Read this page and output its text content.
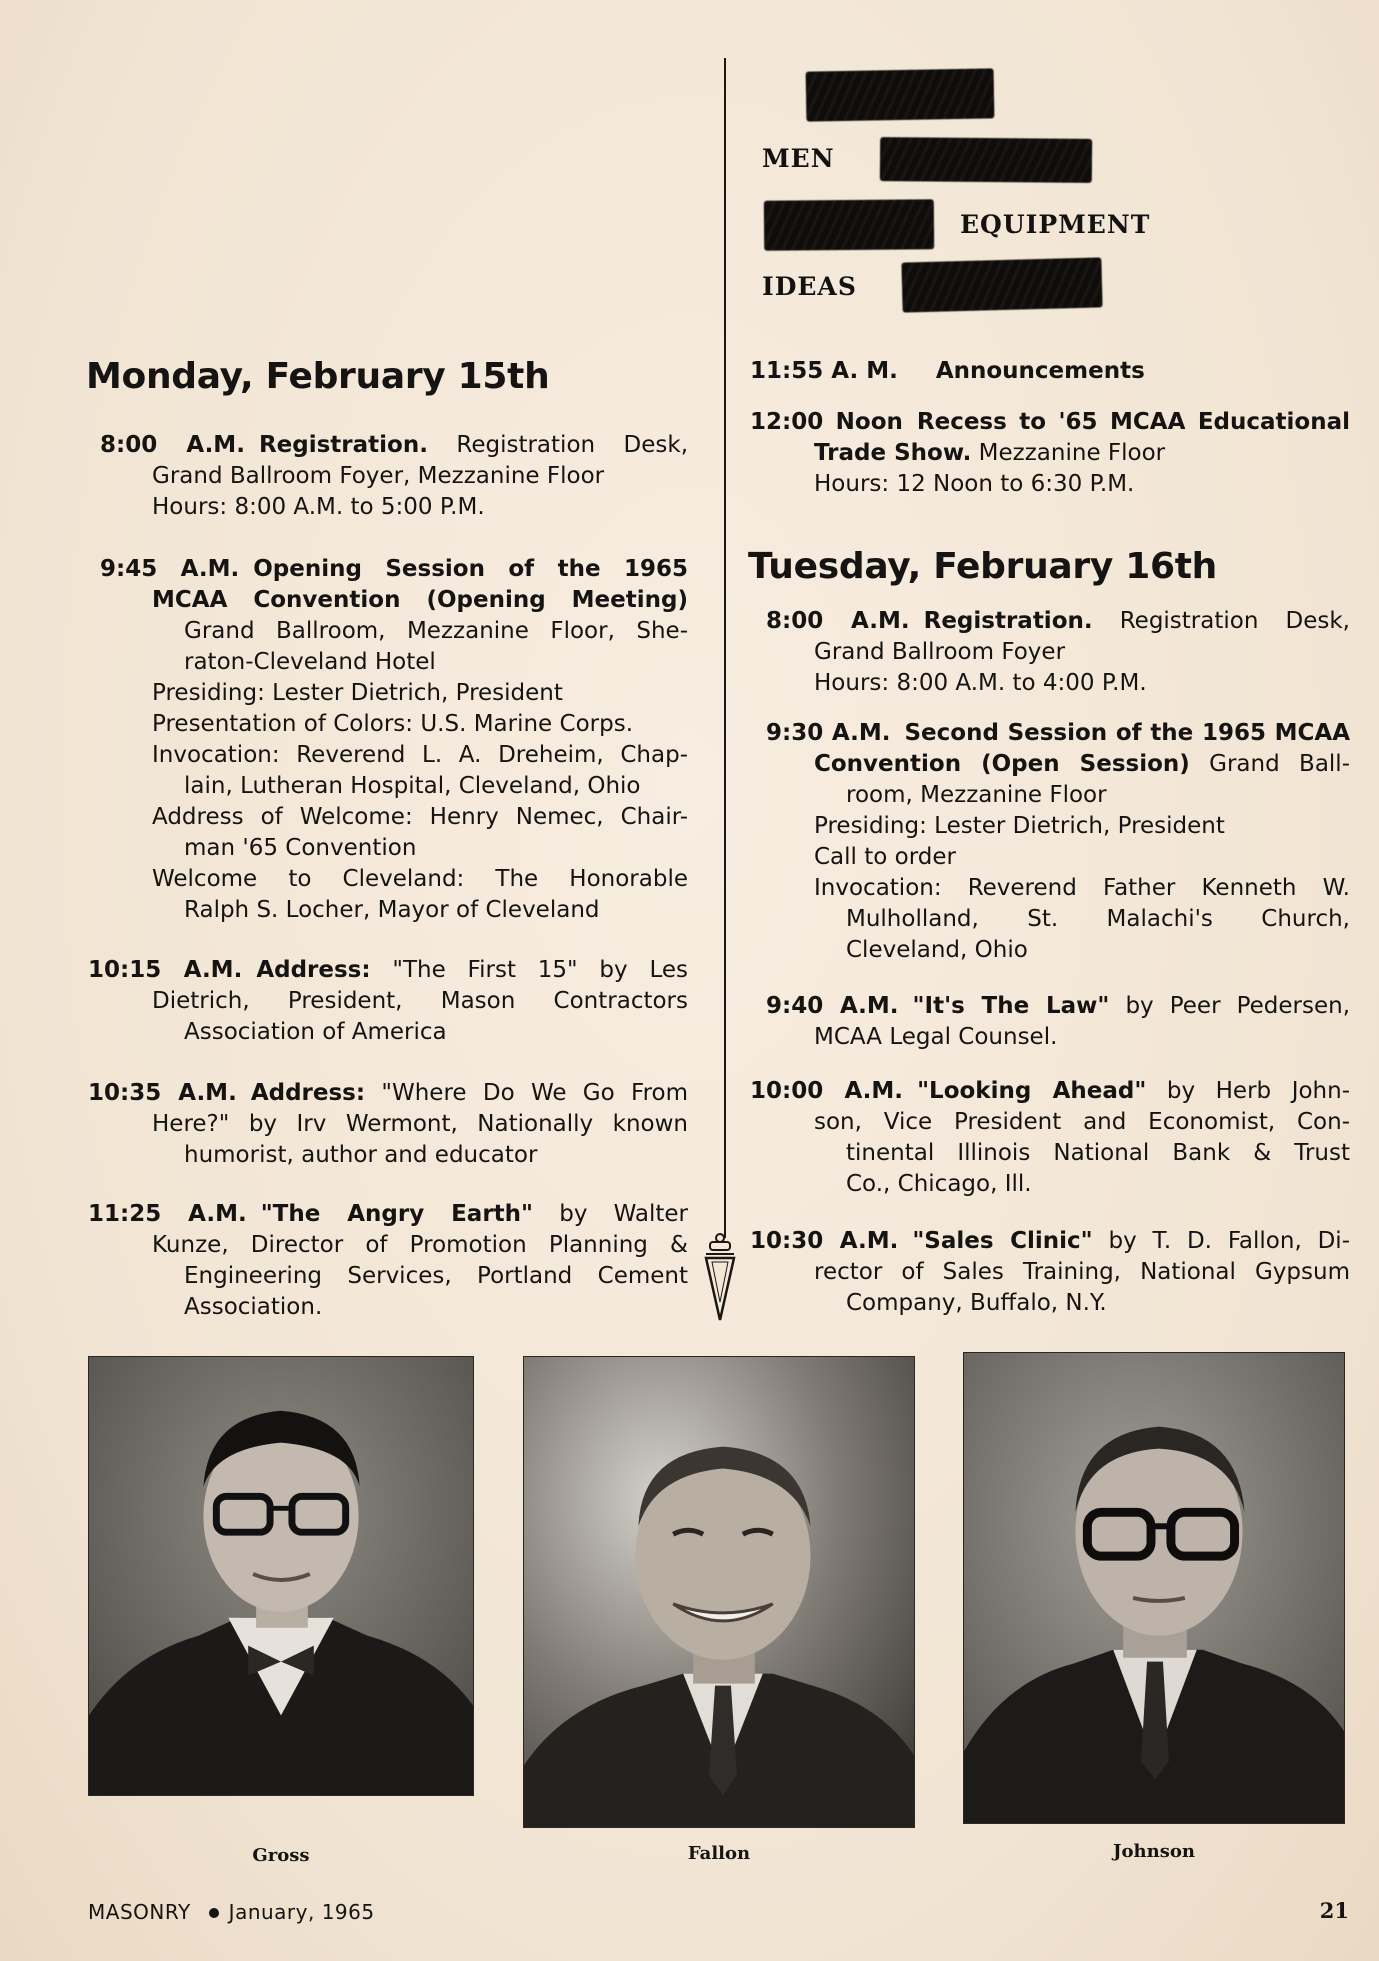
MEN
EQUIPMENT
IDEAS
Monday, February 15th
8:00 A.M. Registration. Registration Desk,
Grand Ballroom Foyer, Mezzanine Floor
Hours: 8:00 A.M. to 5:00 P.M.
9:45 A.M. Opening Session of the 1965
MCAA Convention (Opening Meeting)
Grand Ballroom, Mezzanine Floor, She-
raton-Cleveland Hotel
Presiding: Lester Dietrich, President
Presentation of Colors: U.S. Marine Corps.
Invocation: Reverend L. A. Dreheim, Chap-
lain, Lutheran Hospital, Cleveland, Ohio
Address of Welcome: Henry Nemec, Chair-
man '65 Convention
Welcome to Cleveland: The Honorable
Ralph S. Locher, Mayor of Cleveland
10:15 A.M. Address: "The First 15" by Les
Dietrich, President, Mason Contractors
Association of America
10:35 A.M. Address: "Where Do We Go From
Here?" by Irv Wermont, Nationally known
humorist, author and educator
11:25 A.M. "The Angry Earth" by Walter
Kunze, Director of Promotion Planning &
Engineering Services, Portland Cement
Association.
11:55 A. M. Announcements
12:00 Noon Recess to '65 MCAA Educational
Trade Show. Mezzanine Floor
Hours: 12 Noon to 6:30 P.M.
Tuesday, February 16th
8:00 A.M. Registration. Registration Desk,
Grand Ballroom Foyer
Hours: 8:00 A.M. to 4:00 P.M.
9:30 A.M. Second Session of the 1965 MCAA
Convention (Open Session) Grand Ball-
room, Mezzanine Floor
Presiding: Lester Dietrich, President
Call to order
Invocation: Reverend Father Kenneth W.
Mulholland, St. Malachi's Church,
Cleveland, Ohio
9:40 A.M. "It's The Law" by Peer Pedersen,
MCAA Legal Counsel.
10:00 A.M. "Looking Ahead" by Herb John-
son, Vice President and Economist, Con-
tinental Illinois National Bank & Trust
Co., Chicago, Ill.
10:30 A.M. "Sales Clinic" by T. D. Fallon, Di-
rector of Sales Training, National Gypsum
Company, Buffalo, N.Y.
Gross	Fallon	Johnson
MASONRY January, 1965	21
